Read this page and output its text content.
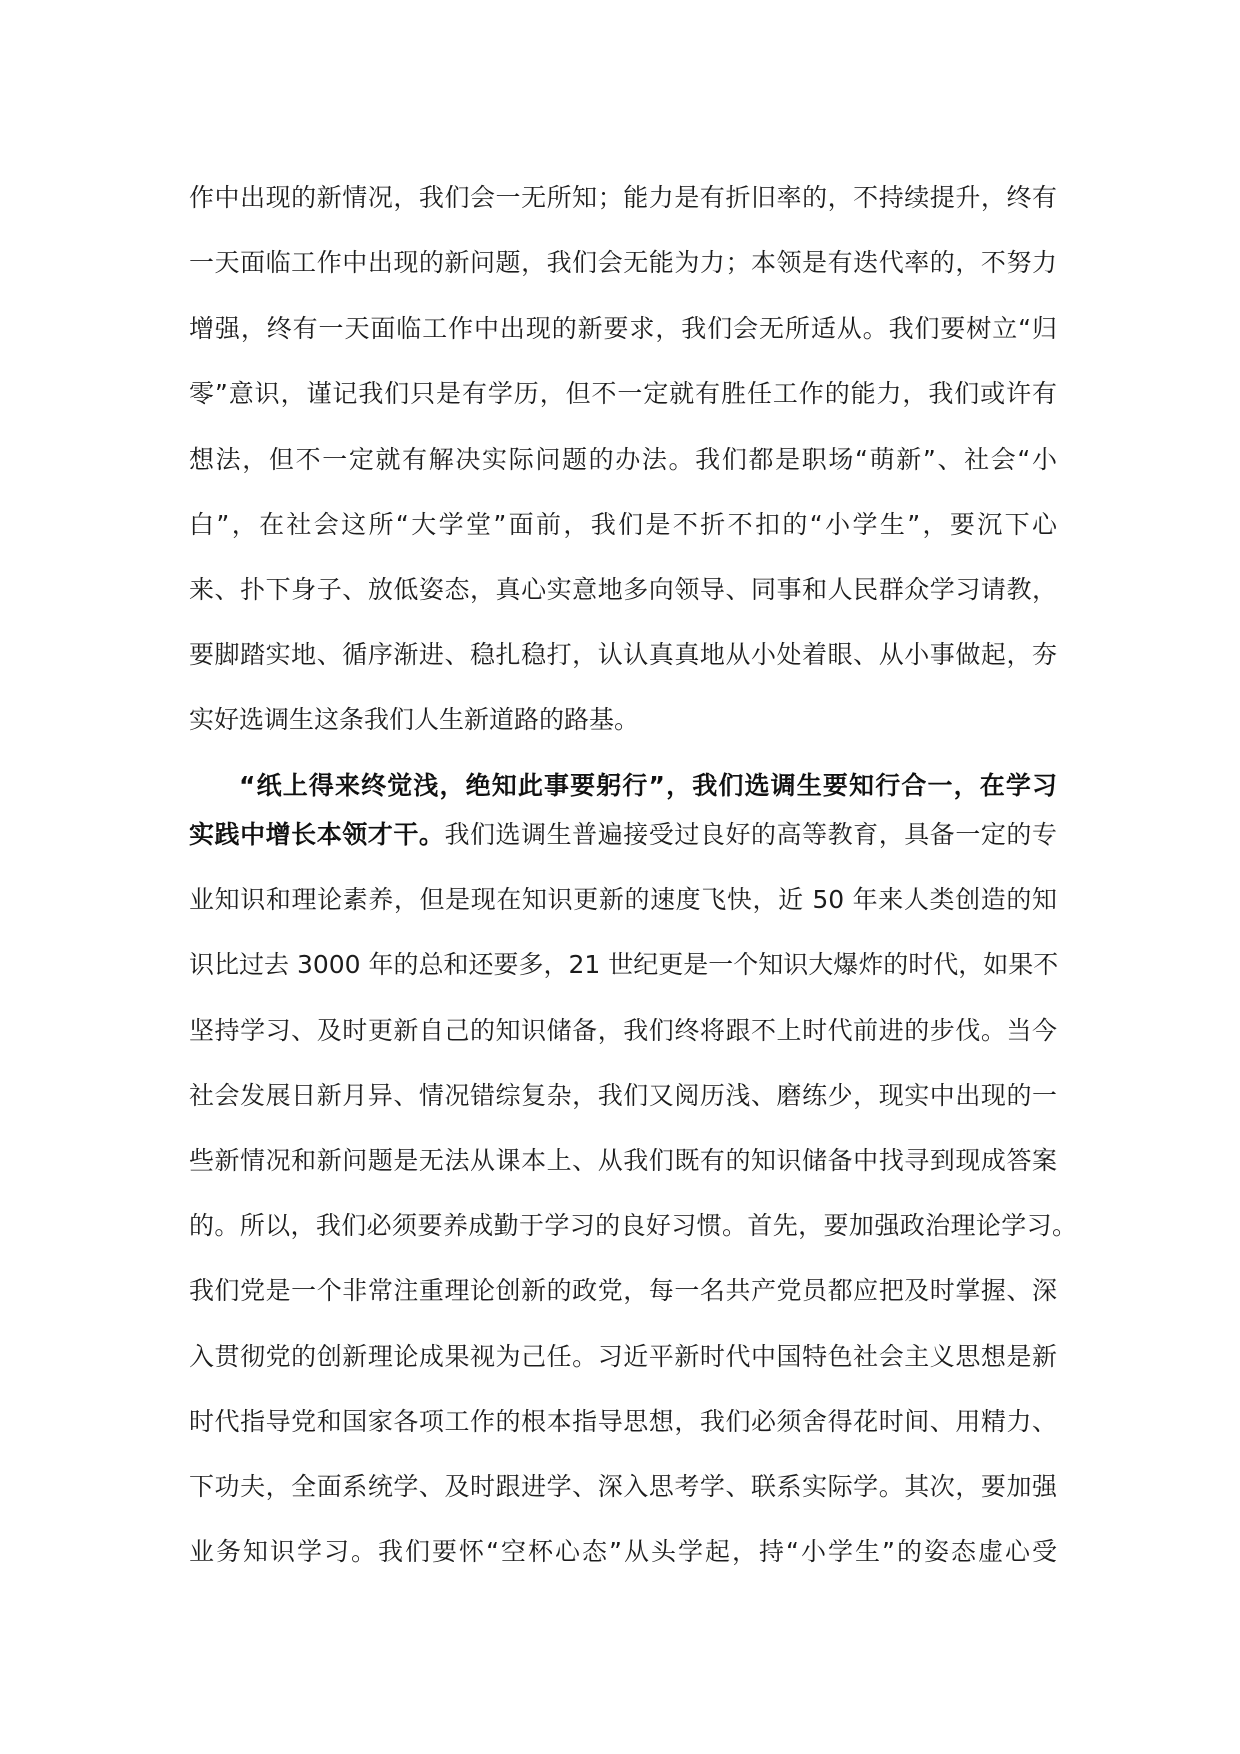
作中出现的新情况，我们会一无所知；能力是有折旧率的，不持续提升，终有
一天面临工作中出现的新问题，我们会无能为力；本领是有迭代率的，不努力
增强，终有一天面临工作中出现的新要求，我们会无所适从。我们要树立“归
零”意识，谨记我们只是有学历，但不一定就有胜任工作的能力，我们或许有
想法，但不一定就有解决实际问题的办法。我们都是职场“萌新”、社会“小
白”，在社会这所“大学堂”面前，我们是不折不扣的“小学生”，要沉下心
来、扑下身子、放低姿态，真心实意地多向领导、同事和人民群众学习请教，
要脚踏实地、循序渐进、稳扎稳打，认认真真地从小处着眼、从小事做起，夯
实好选调生这条我们人生新道路的路基。
“纸上得来终觉浅，绝知此事要躬行”，我们选调生要知行合一，在学习
实践中增长本领才干。我们选调生普遍接受过良好的高等教育，具备一定的专
业知识和理论素养，但是现在知识更新的速度飞快，近 50 年来人类创造的知
识比过去 3000 年的总和还要多，21 世纪更是一个知识大爆炸的时代，如果不
坚持学习、及时更新自己的知识储备，我们终将跟不上时代前进的步伐。当今
社会发展日新月异、情况错综复杂，我们又阅历浅、磨练少，现实中出现的一
些新情况和新问题是无法从课本上、从我们既有的知识储备中找寻到现成答案
的。所以，我们必须要养成勤于学习的良好习惯。首先，要加强政治理论学习。
我们党是一个非常注重理论创新的政党，每一名共产党员都应把及时掌握、深
入贯彻党的创新理论成果视为己任。习近平新时代中国特色社会主义思想是新
时代指导党和国家各项工作的根本指导思想，我们必须舍得花时间、用精力、
下功夫，全面系统学、及时跟进学、深入思考学、联系实际学。其次，要加强
业务知识学习。我们要怀“空杯心态”从头学起，持“小学生”的姿态虚心受
